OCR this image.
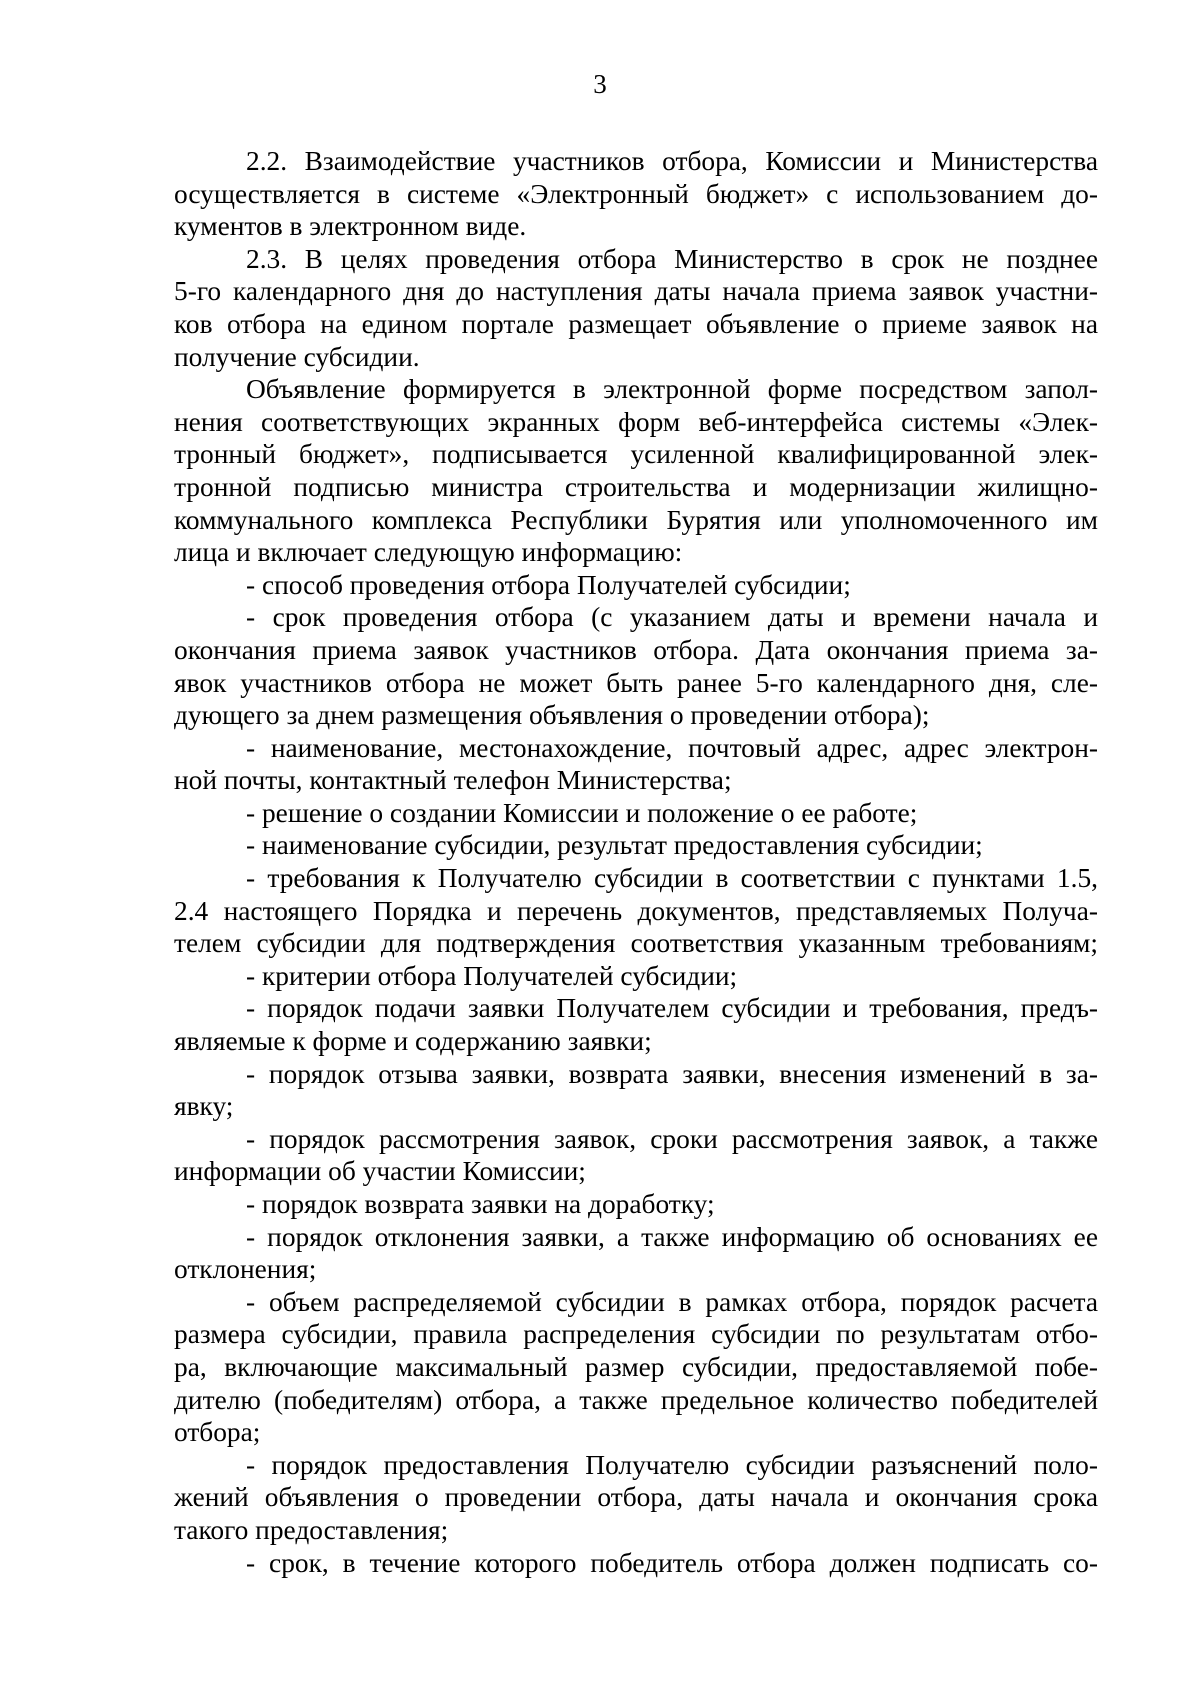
3
2.2. Взаимодействие участников отбора, Комиссии и Министерства
осуществляется в системе «Электронный бюджет» с использованием до-
кументов в электронном виде.
2.3. В целях проведения отбора Министерство в срок не позднее
5-го календарного дня до наступления даты начала приема заявок участни-
ков отбора на едином портале размещает объявление о приеме заявок на
получение субсидии.
Объявление формируется в электронной форме посредством запол-
нения соответствующих экранных форм веб-интерфейса системы «Элек-
тронный бюджет», подписывается усиленной квалифицированной элек-
тронной подписью министра строительства и модернизации жилищно-
коммунального комплекса Республики Бурятия или уполномоченного им
лица и включает следующую информацию:
- способ проведения отбора Получателей субсидии;
- срок проведения отбора (с указанием даты и времени начала и
окончания приема заявок участников отбора. Дата окончания приема за-
явок участников отбора не может быть ранее 5-го календарного дня, сле-
дующего за днем размещения объявления о проведении отбора);
- наименование, местонахождение, почтовый адрес, адрес электрон-
ной почты, контактный телефон Министерства;
- решение о создании Комиссии и положение о ее работе;
- наименование субсидии, результат предоставления субсидии;
- требования к Получателю субсидии в соответствии с пунктами 1.5,
2.4 настоящего Порядка и перечень документов, представляемых Получа-
телем субсидии для подтверждения соответствия указанным требованиям;
- критерии отбора Получателей субсидии;
- порядок подачи заявки Получателем субсидии и требования, предъ-
являемые к форме и содержанию заявки;
- порядок отзыва заявки, возврата заявки, внесения изменений в за-
явку;
- порядок рассмотрения заявок, сроки рассмотрения заявок, а также
информации об участии Комиссии;
- порядок возврата заявки на доработку;
- порядок отклонения заявки, а также информацию об основаниях ее
отклонения;
- объем распределяемой субсидии в рамках отбора, порядок расчета
размера субсидии, правила распределения субсидии по результатам отбо-
ра, включающие максимальный размер субсидии, предоставляемой побе-
дителю (победителям) отбора, а также предельное количество победителей
отбора;
- порядок предоставления Получателю субсидии разъяснений поло-
жений объявления о проведении отбора, даты начала и окончания срока
такого предоставления;
- срок, в течение которого победитель отбора должен подписать со-
